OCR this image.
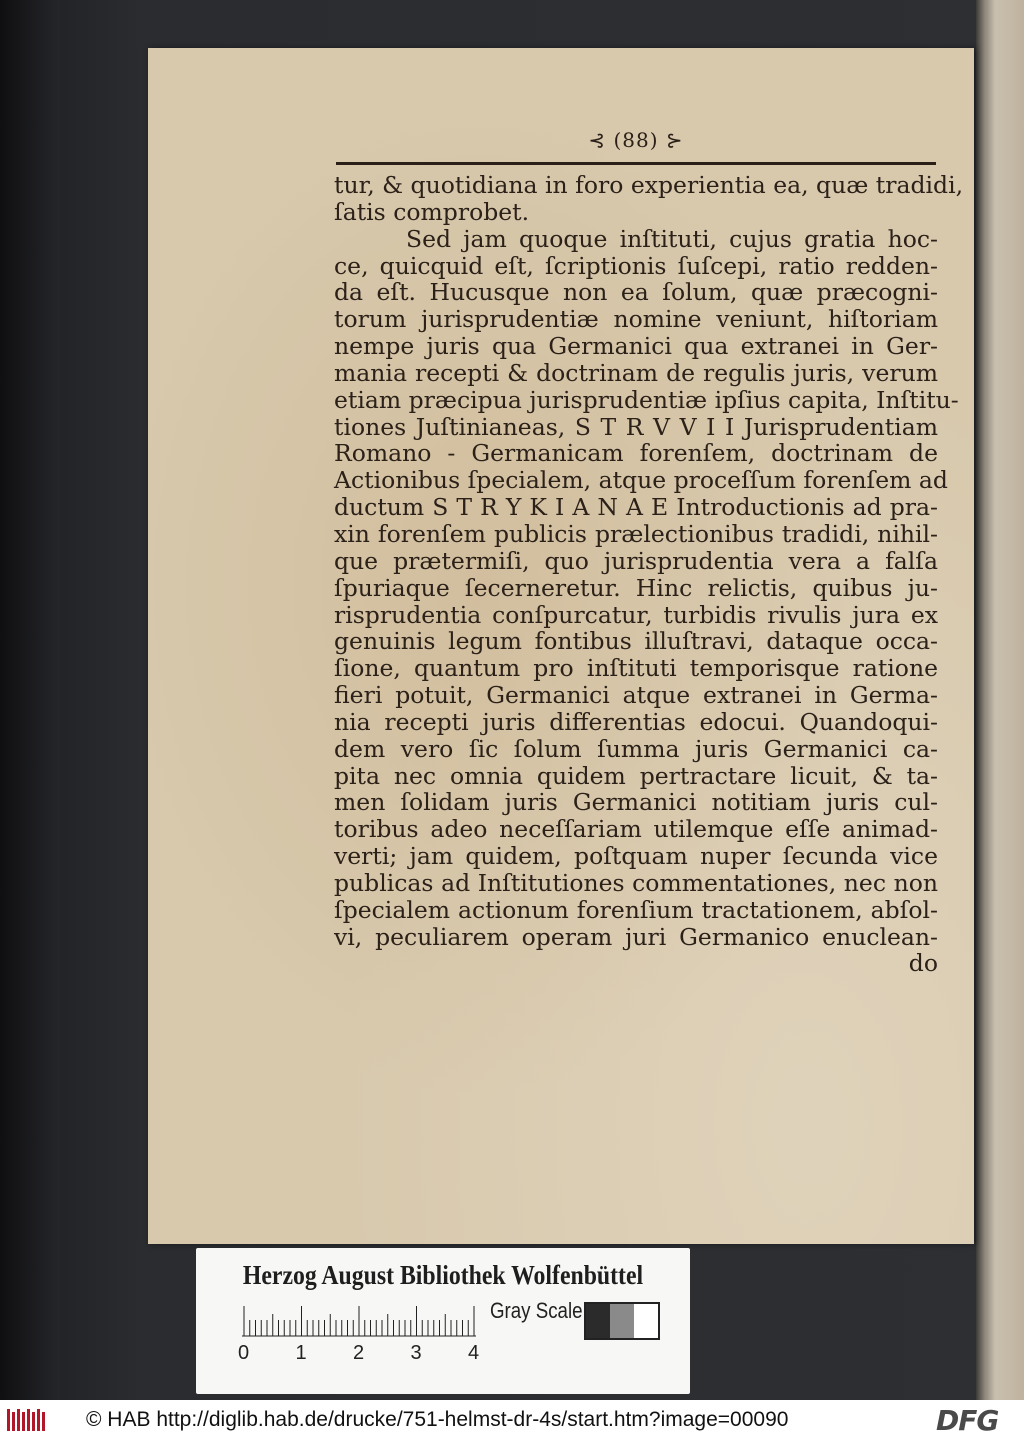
⊰ (88) ⊱
tur, & quotidiana in foro experientia ea, quæ tradidi,
ſatis comprobet.
Sed jam quoque inſtituti, cujus gratia hoc-
ce, quicquid eſt, ſcriptionis ſuſcepi, ratio redden-
da eſt. Hucusque non ea ſolum, quæ præcogni-
torum jurisprudentiæ nomine veniunt, hiſtoriam
nempe juris qua Germanici qua extranei in Ger-
mania recepti & doctrinam de regulis juris, verum
etiam præcipua jurisprudentiæ ipſius capita, Inſtitu-
tiones Juſtinianeas, S T R V V I I Jurisprudentiam
Romano - Germanicam forenſem, doctrinam de
Actionibus ſpecialem, atque proceſſum forenſem ad
ductum S T R Y K I A N A E Introductionis ad pra-
xin forenſem publicis prælectionibus tradidi, nihil-
que prætermiſi, quo jurisprudentia vera a falſa
ſpuriaque ſecerneretur. Hinc relictis, quibus ju-
risprudentia conſpurcatur, turbidis rivulis jura ex
genuinis legum fontibus illuſtravi, dataque occa-
ſione, quantum pro inſtituti temporisque ratione
fieri potuit, Germanici atque extranei in Germa-
nia recepti juris differentias edocui. Quandoqui-
dem vero ſic ſolum ſumma juris Germanici ca-
pita nec omnia quidem pertractare licuit, & ta-
men ſolidam juris Germanici notitiam juris cul-
toribus adeo neceſſariam utilemque eſſe animad-
verti; jam quidem, poſtquam nuper ſecunda vice
publicas ad Inſtitutiones commentationes, nec non
ſpecialem actionum forenſium tractationem, abſol-
vi, peculiarem operam juri Germanico enuclean-
do
Herzog August Bibliothek Wolfenbüttel
Gray Scale
0 1 2 3 4
© HAB http://diglib.hab.de/drucke/751-helmst-dr-4s/start.htm?image=00090	DFG
